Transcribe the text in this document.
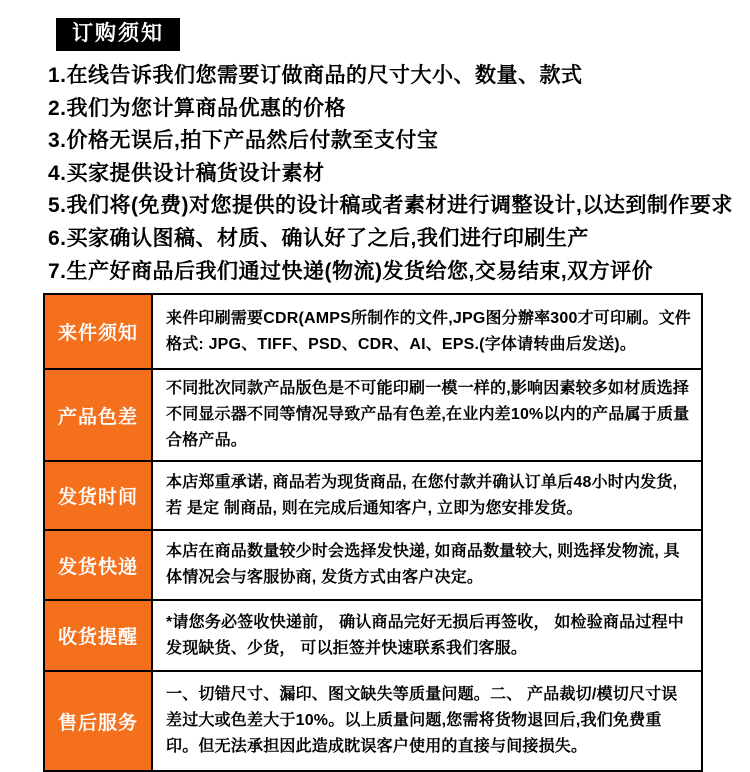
订购须知
1.在线告诉我们您需要订做商品的尺寸大小、数量、款式
2.我们为您计算商品优惠的价格
3.价格无误后,拍下产品然后付款至支付宝
4.买家提供设计稿货设计素材
5.我们将(免费)对您提供的设计稿或者素材进行调整设计,以达到制作要求
6.买家确认图稿、材质、确认好了之后,我们进行印刷生产
7.生产好商品后我们通过快递(物流)发货给您,交易结束,双方评价
来件须知	来件印刷需要CDR(AMPS所制作的文件,JPG图分辦率300才可印刷。文件格式: JPG、TIFF、PSD、CDR、AI、EPS.(字体请转曲后发送)。
产品色差	不同批次同款产品版色是不可能印刷一模一样的,影响因素较多如材质选择不同显示器不同等情况导致产品有色差,在业内差10%以内的产品属于质量合格产品。
发货时间	本店郑重承诺, 商品若为现货商品, 在您付款并确认订单后48小时内发货, 若 是定 制商品, 则在完成后通知客户, 立即为您安排发货。
发货快递	本店在商品数量较少时会选择发快递, 如商品数量较大, 则选择发物流, 具体情况会与客服协商, 发货方式由客户决定。
收货提醒	*请您务必签收快递前， 确认商品完好无损后再签收， 如检验商品过程中发现缺货、少货， 可以拒签并快速联系我们客服。
售后服务	一、切错尺寸、漏印、图文缺失等质量问题。二、 产品裁切/模切尺寸误差过大或色差大于10%。以上质量问题,您需将货物退回后,我们免费重印。但无法承担因此造成眈误客户使用的直接与间接损失。
